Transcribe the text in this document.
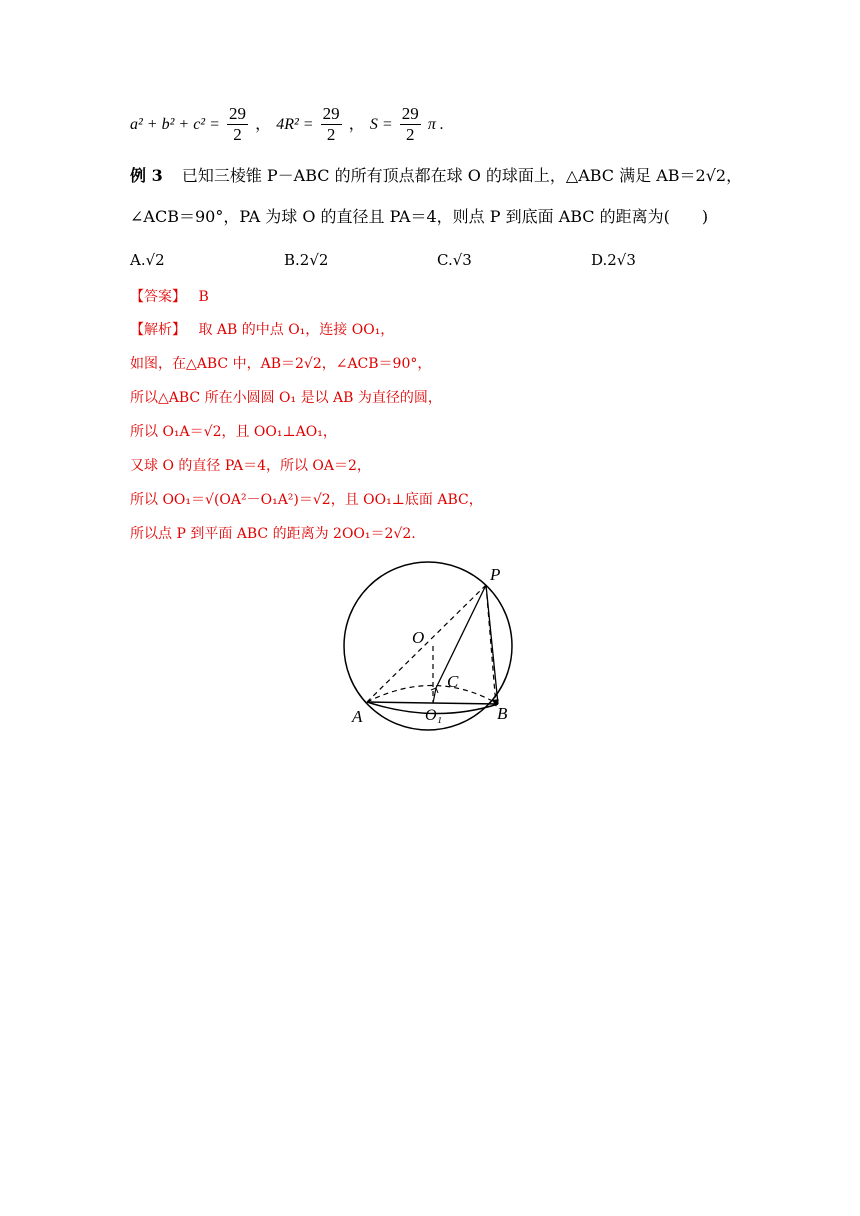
$a^2 + b^2 + c^2 = \frac{29}{2}$ ， $4R^2 = \frac{29}{2}$ ， $S = \frac{29}{2}$ π .
例 3 已知三棱锥 P－ABC 的所有顶点都在球 O 的球面上，△ABC 满足 AB＝2√2，
∠ACB＝90°，PA 为球 O 的直径且 PA＝4，则点 P 到底面 ABC 的距离为(　　)
A.√2	B.2√2	C.√3	D.2√3
【答案】 B
【解析】 取 AB 的中点 O₁，连接 OO₁，
如图，在△ABC 中，AB＝2√2，∠ACB＝90°，
所以△ABC 所在小圆圆 O₁ 是以 AB 为直径的圆，
所以 O₁A＝√2，且 OO₁⊥AO₁，
又球 O 的直径 PA＝4，所以 OA＝2，
所以 OO₁＝√(OA²－O₁A²)＝√2，且 OO₁⊥底面 ABC，
所以点 P 到平面 ABC 的距离为 2OO₁＝2√2.
P
O
C
A	B
O₁
